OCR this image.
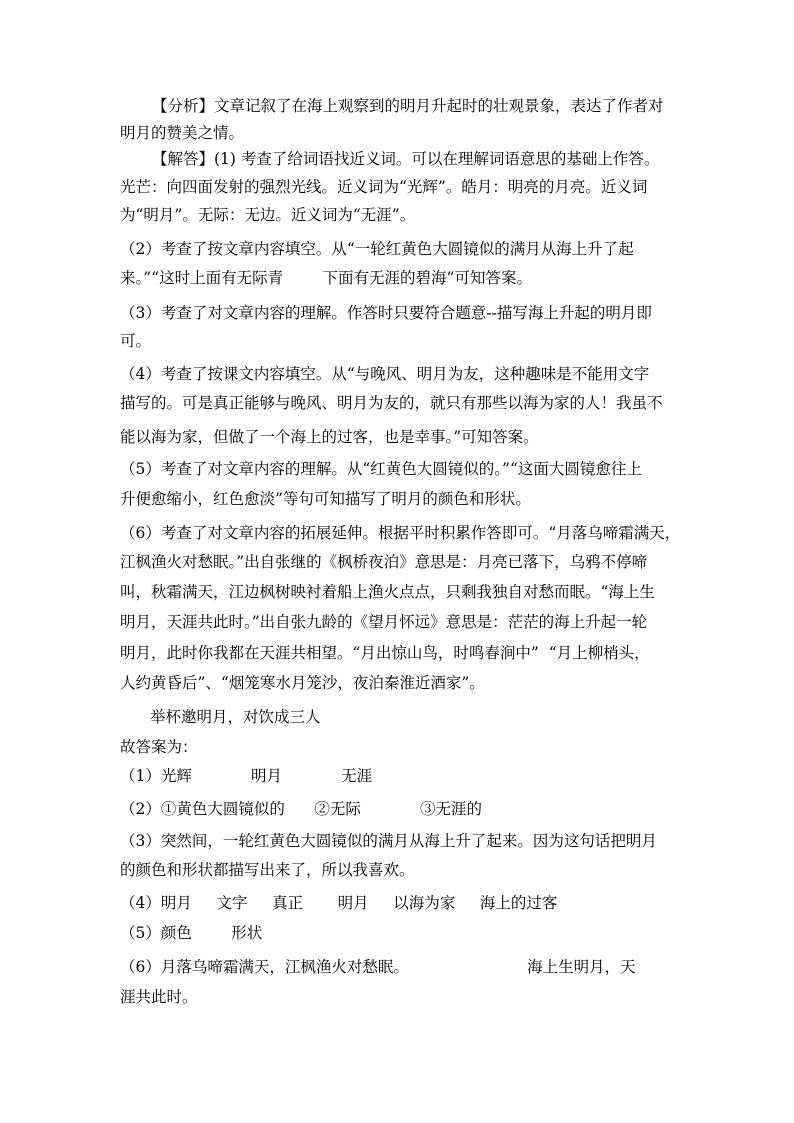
【分析】文章记叙了在海上观察到的明月升起时的壮观景象，表达了作者对
明月的赞美之情。
【解答】(1) 考查了给词语找近义词。可以在理解词语意思的基础上作答。
光芒：向四面发射的强烈光线。近义词为“光辉”。皓月：明亮的月亮。近义词
为“明月”。无际：无边。近义词为“无涯”。
（2）考查了按文章内容填空。从“一轮红黄色大圆镜似的满月从海上升了起
来。”“这时上面有无际青        下面有无涯的碧海”可知答案。
（3）考查了对文章内容的理解。作答时只要符合题意--描写海上升起的明月即
可。
（4）考查了按课文内容填空。从“与晚风、明月为友，这种趣味是不能用文字
描写的。可是真正能够与晚风、明月为友的，就只有那些以海为家的人！我虽不
能以海为家，但做了一个海上的过客，也是幸事。”可知答案。
（5）考查了对文章内容的理解。从“红黄色大圆镜似的。”“这面大圆镜愈往上
升便愈缩小，红色愈淡”等句可知描写了明月的颜色和形状。
（6）考查了对文章内容的拓展延伸。根据平时积累作答即可。“月落乌啼霜满天，
江枫渔火对愁眠。”出自张继的《枫桥夜泊》意思是：月亮已落下，乌鸦不停啼
叫，秋霜满天，江边枫树映衬着船上渔火点点，只剩我独自对愁而眠。“海上生
明月，天涯共此时。”出自张九龄的《望月怀远》意思是：茫茫的海上升起一轮
明月，此时你我都在天涯共相望。“月出惊山鸟，时鸣春涧中”  “月上柳梢头，
人约黄昏后”、“烟笼寒水月笼沙，夜泊秦淮近酒家”。
举杯邀明月，对饮成三人
故答案为：
（1）光辉            明月            无涯
（2）①黄色大圆镜似的      ②无际            ③无涯的
（3）突然间，一轮红黄色大圆镜似的满月从海上升了起来。因为这句话把明月
的颜色和形状都描写出来了，所以我喜欢。
（4）明月     文字     真正       明月     以海为家     海上的过客
（5）颜色        形状
（6）月落乌啼霜满天，江枫渔火对愁眠。                        海上生明月，天
涯共此时。
